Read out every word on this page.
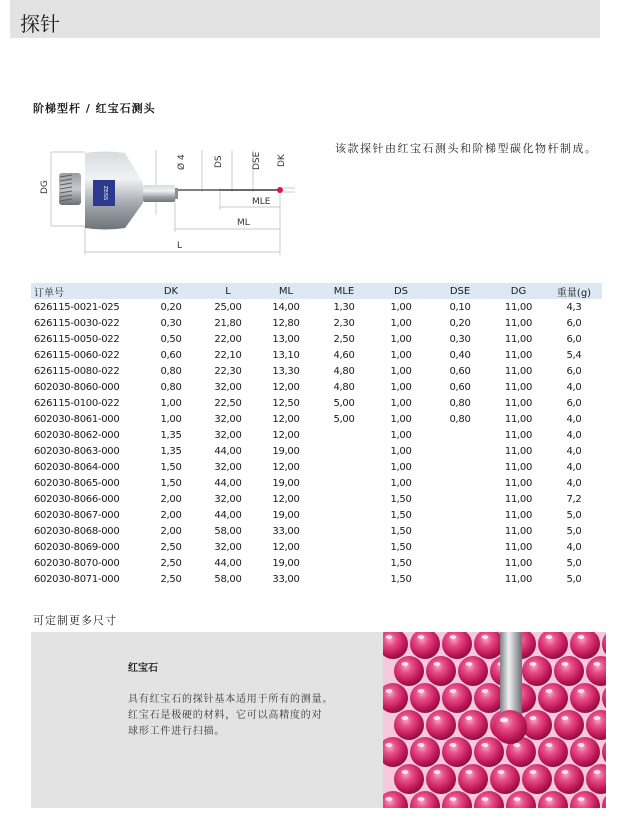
探针
阶梯型杆 / 红宝石测头
ZEISS
DG
Ø 4	DS	DSE DK
MLE
ML
L
该款探针由红宝石测头和阶梯型碳化物杆制成。
订单号	DK	L	ML	MLE	DS	DSE	DG	重量(g)
626115-0021-025	0,20	25,00	14,00	1,30	1,00	0,10	11,00	4,3
626115-0030-022	0,30	21,80	12,80	2,30	1,00	0,20	11,00	6,0
626115-0050-022	0,50	22,00	13,00	2,50	1,00	0,30	11,00	6,0
626115-0060-022	0,60	22,10	13,10	4,60	1,00	0,40	11,00	5,4
626115-0080-022	0,80	22,30	13,30	4,80	1,00	0,60	11,00	6,0
602030-8060-000	0,80	32,00	12,00	4,80	1,00	0,60	11,00	4,0
626115-0100-022	1,00	22,50	12,50	5,00	1,00	0,80	11,00	6,0
602030-8061-000	1,00	32,00	12,00	5,00	1,00	0,80	11,00	4,0
602030-8062-000	1,35	32,00	12,00		1,00		11,00	4,0
602030-8063-000	1,35	44,00	19,00		1,00		11,00	4,0
602030-8064-000	1,50	32,00	12,00		1,00		11,00	4,0
602030-8065-000	1,50	44,00	19,00		1,00		11,00	4,0
602030-8066-000	2,00	32,00	12,00		1,50		11,00	7,2
602030-8067-000	2,00	44,00	19,00		1,50		11,00	5,0
602030-8068-000	2,00	58,00	33,00		1,50		11,00	5,0
602030-8069-000	2,50	32,00	12,00		1,50		11,00	4,0
602030-8070-000	2,50	44,00	19,00		1,50		11,00	5,0
602030-8071-000	2,50	58,00	33,00		1,50		11,00	5,0
可定制更多尺寸
红宝石
具有红宝石的探针基本适用于所有的测量。
红宝石是极硬的材料，它可以高精度的对
球形工件进行扫描。
